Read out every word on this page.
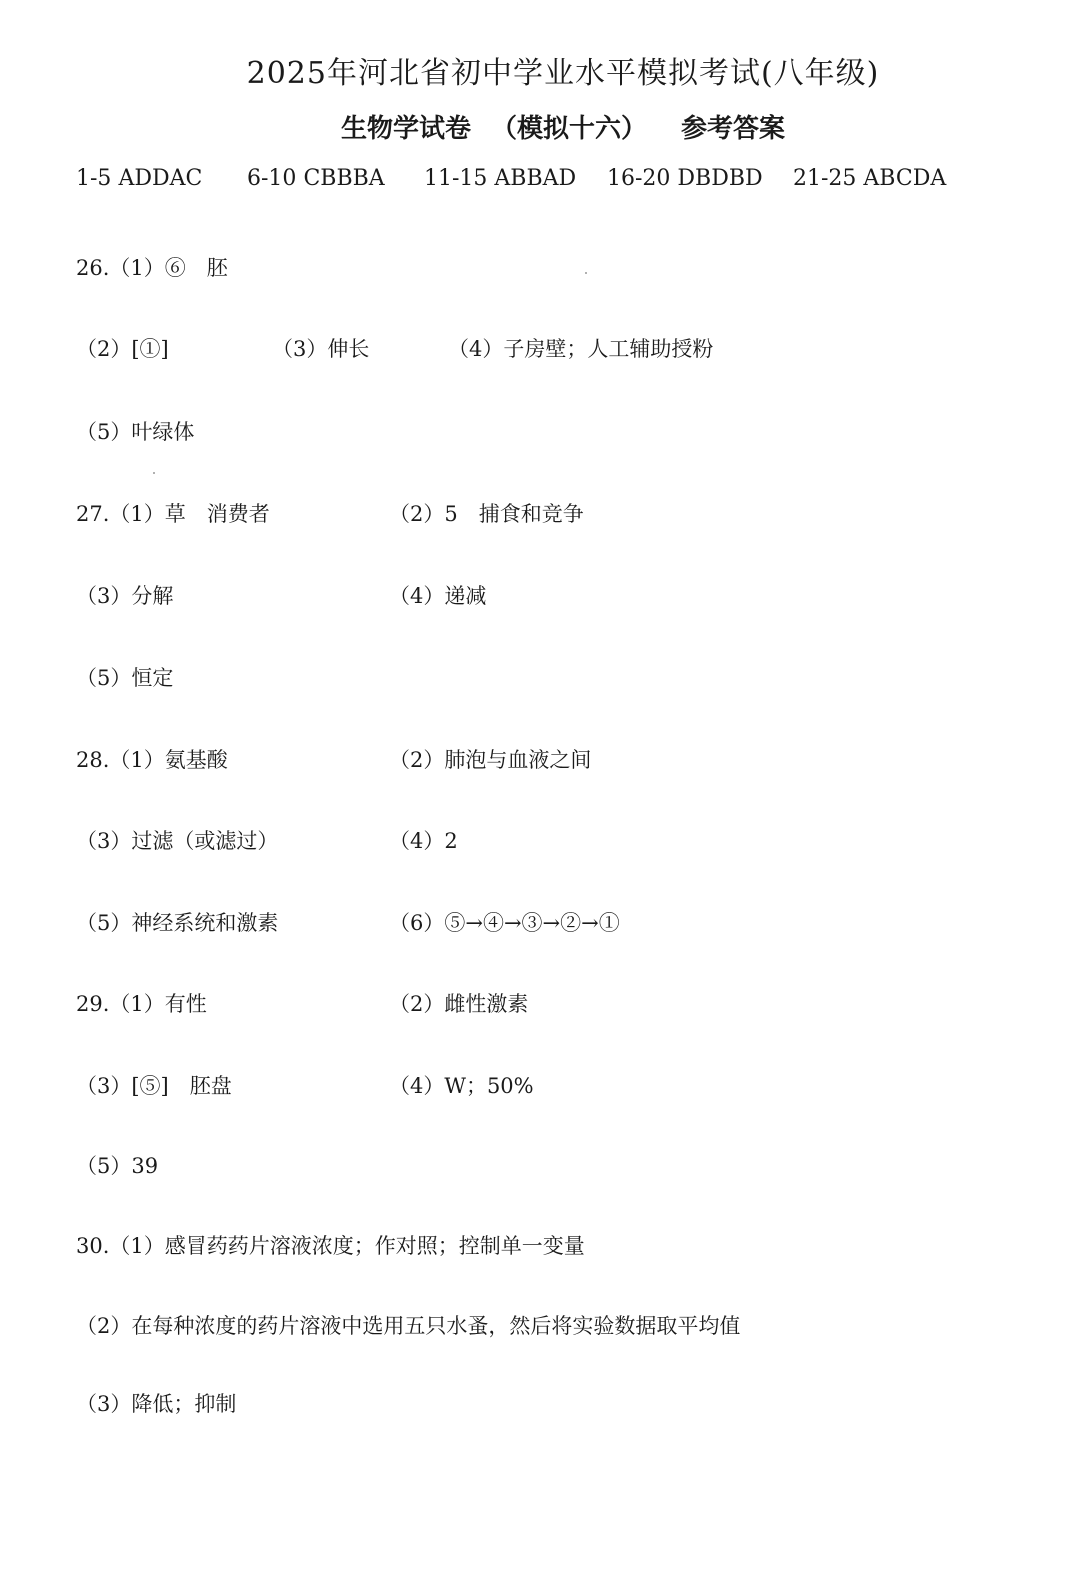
2025年河北省初中学业水平模拟考试(八年级)
生物学试卷 （模拟十六） 参考答案
1-5 ADDAC 6-10 CBBBA 11-15 ABBAD 16-20 DBDBD 21-25 ABCDA
26.（1）⑥　胚
（2）[①]	（3）伸长	（4）子房壁；人工辅助授粉
（5）叶绿体
27.（1）草　消费者	（2）5　捕食和竞争
（3）分解	（4）递减
（5）恒定
28.（1）氨基酸	（2）肺泡与血液之间
（3）过滤（或滤过）	（4）2
（5）神经系统和激素	（6）⑤→④→③→②→①
29.（1）有性	（2）雌性激素
（3）[⑤]　胚盘	（4）W；50%
（5）39
30.（1）感冒药药片溶液浓度；作对照；控制单一变量
（2）在每种浓度的药片溶液中选用五只水蚤，然后将实验数据取平均值
（3）降低；抑制
